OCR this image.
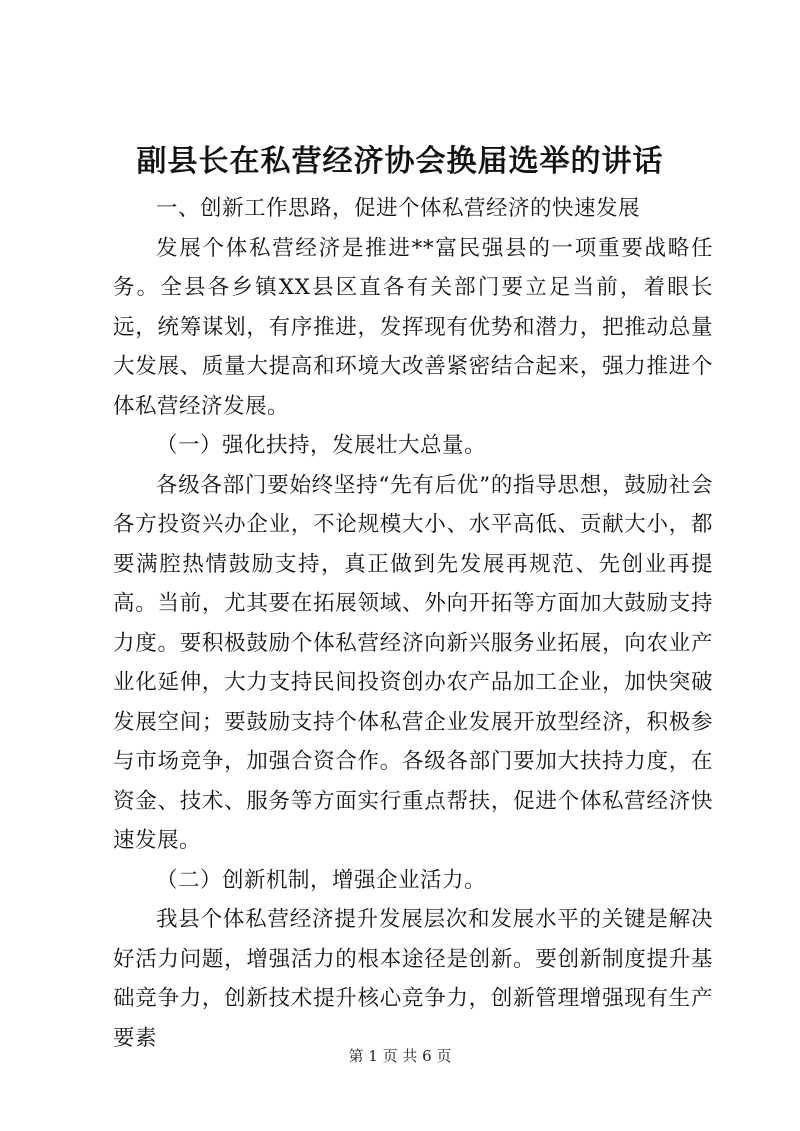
副县长在私营经济协会换届选举的讲话

一、创新工作思路，促进个体私营经济的快速发展

发展个体私营经济是推进**富民强县的一项重要战略任务。全县各乡镇XX县区直各有关部门要立足当前，着眼长远，统筹谋划，有序推进，发挥现有优势和潜力，把推动总量大发展、质量大提高和环境大改善紧密结合起来，强力推进个体私营经济发展。

（一）强化扶持，发展壮大总量。

各级各部门要始终坚持“先有后优”的指导思想，鼓励社会各方投资兴办企业，不论规模大小、水平高低、贡献大小，都要满腔热情鼓励支持，真正做到先发展再规范、先创业再提高。当前，尤其要在拓展领域、外向开拓等方面加大鼓励支持力度。要积极鼓励个体私营经济向新兴服务业拓展，向农业产业化延伸，大力支持民间投资创办农产品加工企业，加快突破发展空间；要鼓励支持个体私营企业发展开放型经济，积极参与市场竞争，加强合资合作。各级各部门要加大扶持力度，在资金、技术、服务等方面实行重点帮扶，促进个体私营经济快速发展。

（二）创新机制，增强企业活力。

我县个体私营经济提升发展层次和发展水平的关键是解决好活力问题，增强活力的根本途径是创新。要创新制度提升基础竞争力，创新技术提升核心竞争力，创新管理增强现有生产要素

第 1 页 共 6 页
